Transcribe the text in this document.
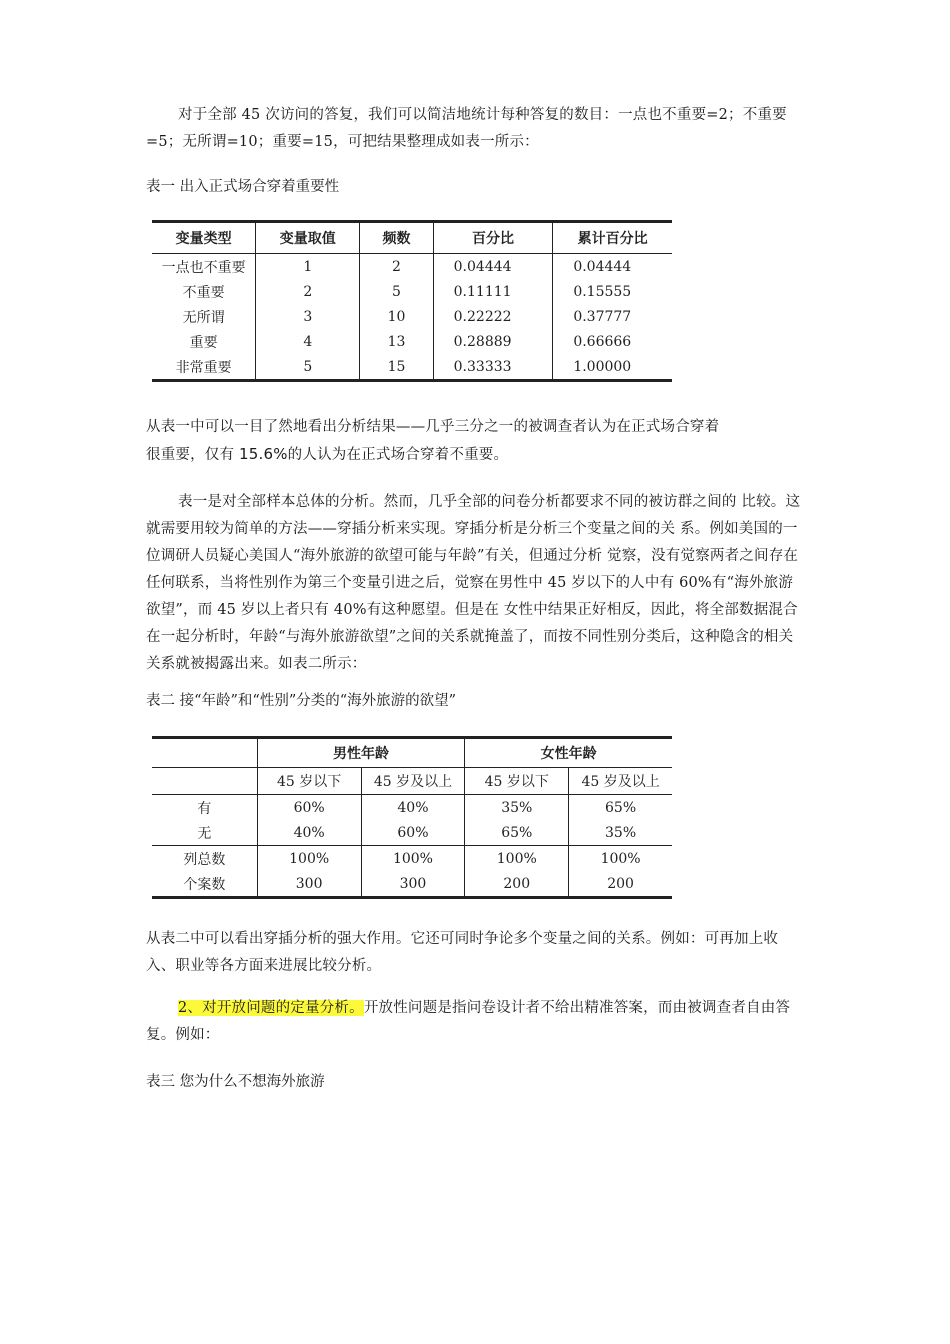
对于全部 45 次访问的答复，我们可以简洁地统计每种答复的数目：一点也不重要=2；不重要=5；无所谓=10；重要=15，可把结果整理成如表一所示：
表一 出入正式场合穿着重要性
变量类型	变量取值	频数	百分比	累计百分比
一点也不重要	1	2	0.04444	0.04444
不重要	2	5	0.11111	0.15555
无所谓	3	10	0.22222	0.37777
重要	4	13	0.28889	0.66666
非常重要	5	15	0.33333	1.00000
从表一中可以一目了然地看出分析结果——几乎三分之一的被调查者认为在正式场合穿着
很重要，仅有 15.6%的人认为在正式场合穿着不重要。
表一是对全部样本总体的分析。然而，几乎全部的问卷分析都要求不同的被访群之间的 比较。这就需要用较为简单的方法——穿插分析来实现。穿插分析是分析三个变量之间的关 系。例如美国的一位调研人员疑心美国人“海外旅游的欲望可能与年龄”有关，但通过分析 觉察，没有觉察两者之间存在任何联系，当将性别作为第三个变量引进之后，觉察在男性中 45 岁以下的人中有 60%有“海外旅游欲望”，而 45 岁以上者只有 40%有这种愿望。但是在 女性中结果正好相反，因此，将全部数据混合在一起分析时，年龄“与海外旅游欲望”之间的关系就掩盖了，而按不同性别分类后，这种隐含的相关关系就被揭露出来。如表二所示：
表二 接“年龄”和“性别”分类的“海外旅游的欲望”
	男性年龄		女性年龄	
	45 岁以下	45 岁及以上	45 岁以下	45 岁及以上
有	60%	40%	35%	65%
无	40%	60%	65%	35%
列总数	100%	100%	100%	100%
个案数	300	300	200	200
从表二中可以看出穿插分析的强大作用。它还可同时争论多个变量之间的关系。例如：可再加上收入、职业等各方面来进展比较分析。
2、对开放问题的定量分析。开放性问题是指问卷设计者不给出精准答案，而由被调查者自由答复。例如：
表三 您为什么不想海外旅游
